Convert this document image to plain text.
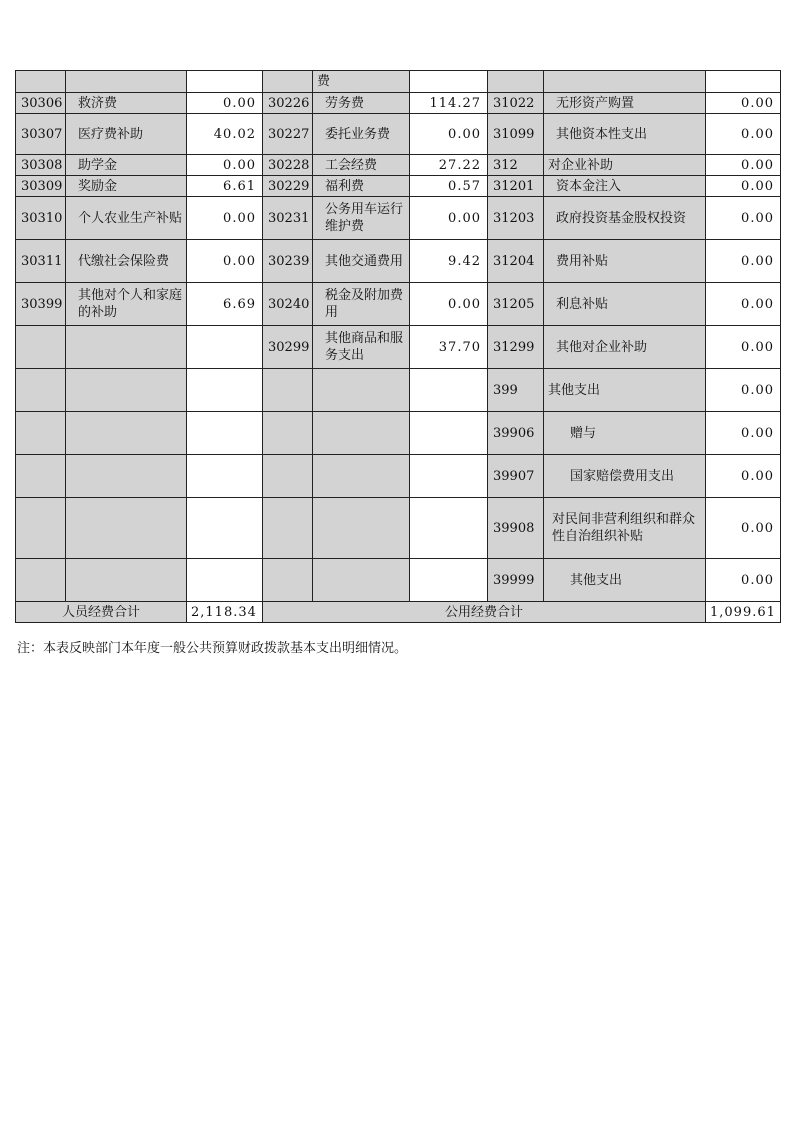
				费				
30306	救济费	0.00	30226	劳务费	114.27	31022	无形资产购置	0.00
30307	医疗费补助	40.02	30227	委托业务费	0.00	31099	其他资本性支出	0.00
30308	助学金	0.00	30228	工会经费	27.22	312	对企业补助	0.00
30309	奖励金	6.61	30229	福利费	0.57	31201	资本金注入	0.00
30310	个人农业生产补贴	0.00	30231	公务用车运行维护费	0.00	31203	政府投资基金股权投资	0.00
30311	代缴社会保险费	0.00	30239	其他交通费用	9.42	31204	费用补贴	0.00
30399	其他对个人和家庭的补助	6.69	30240	税金及附加费用	0.00	31205	利息补贴	0.00
			30299	其他商品和服务支出	37.70	31299	其他对企业补助	0.00
						399	其他支出	0.00
						39906	赠与	0.00
						39907	国家赔偿费用支出	0.00
						39908	对民间非营利组织和群众性自治组织补贴	0.00
						39999	其他支出	0.00
人员经费合计		2,118.34	公用经费合计					1,099.61
注：本表反映部门本年度一般公共预算财政拨款基本支出明细情况。
